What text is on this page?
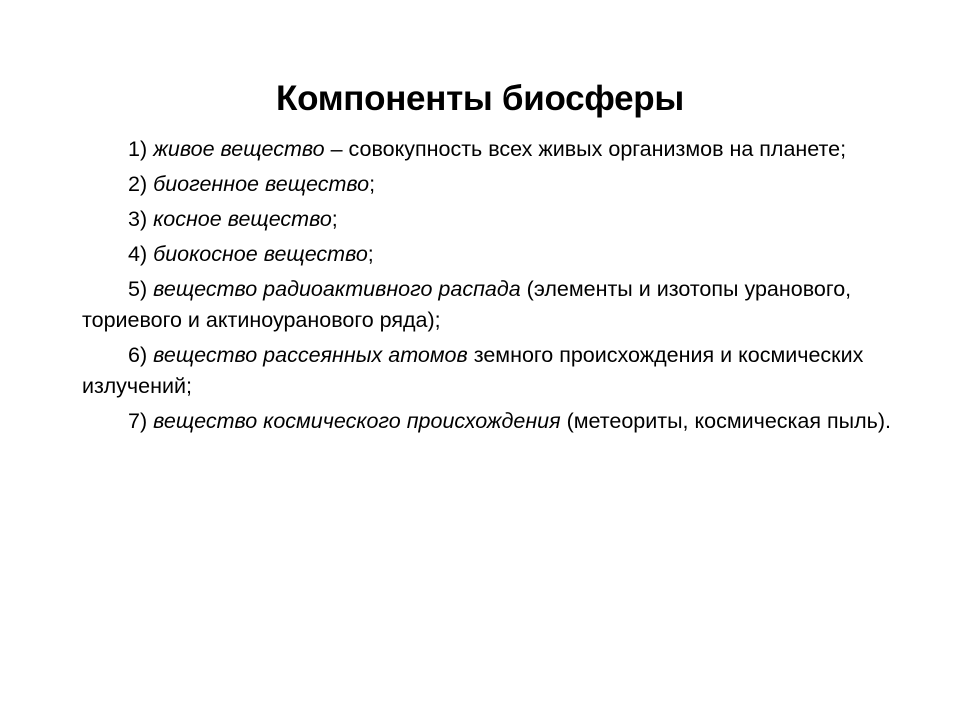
Компоненты биосферы
1) живое вещество – совокупность всех живых организмов на планете;
2) биогенное вещество;
3) косное вещество;
4) биокосное вещество;
5) вещество радиоактивного распада (элементы и изотопы уранового, ториевого и актиноуранового ряда);
6) вещество рассеянных атомов земного происхождения и космических излучений;
7) вещество космического происхождения (метеориты, космическая пыль).
